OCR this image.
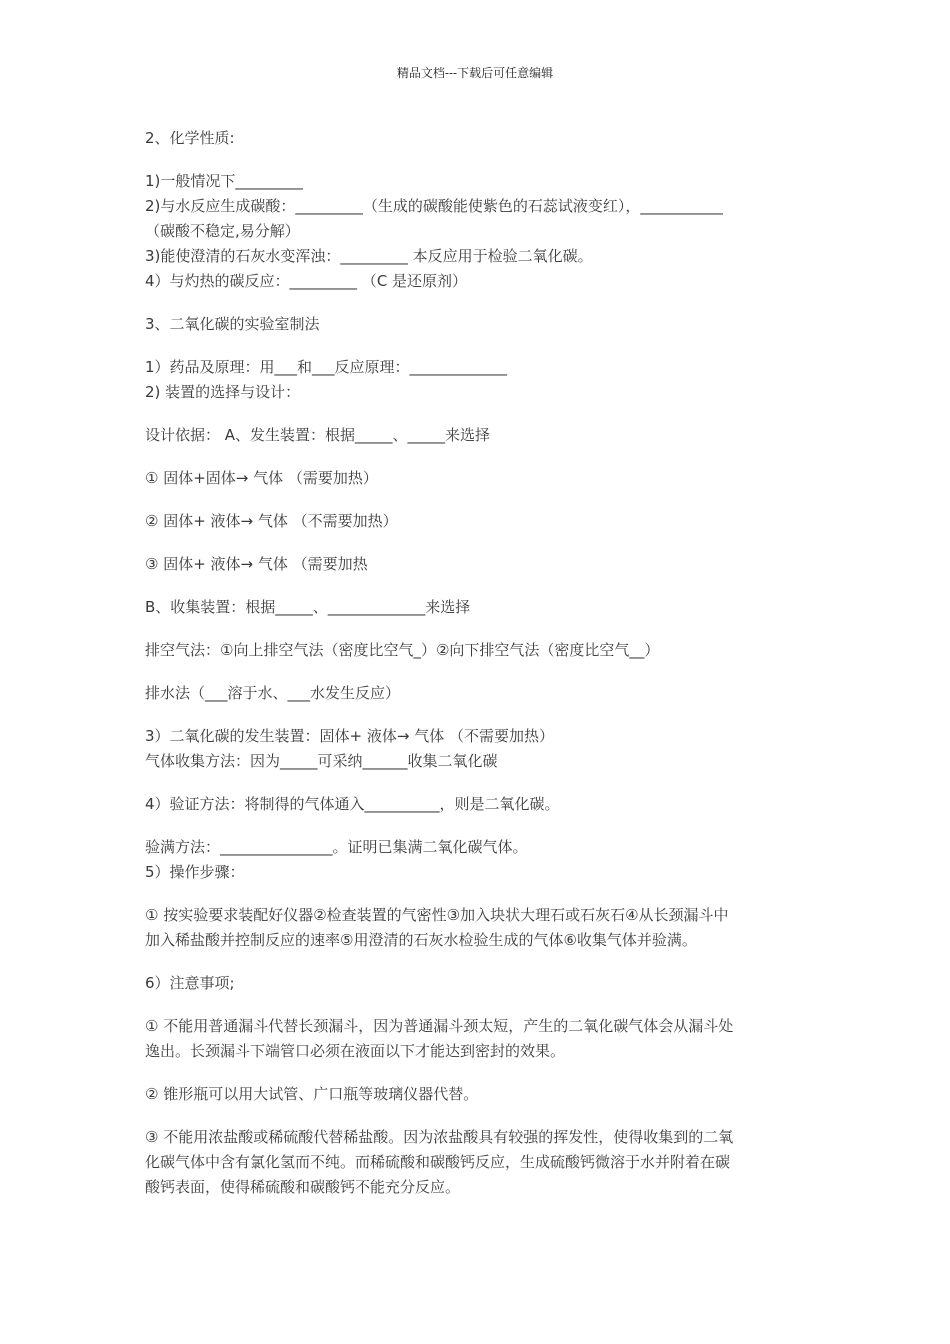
精品文档---下载后可任意编辑
2、化学性质:
1)一般情况下_________
2)与水反应生成碳酸：_________（生成的碳酸能使紫色的石蕊试液变红），___________
（碳酸不稳定,易分解）
3)能使澄清的石灰水变浑浊：_________ 本反应用于检验二氧化碳。
4）与灼热的碳反应：_________ （C 是还原剂）
3、二氧化碳的实验室制法
1）药品及原理：用___和___反应原理：_____________
2) 装置的选择与设计：
设计依据： A、发生装置：根据_____、_____来选择
① 固体+固体→ 气体 （需要加热）
② 固体+ 液体→ 气体 （不需要加热）
③ 固体+ 液体→ 气体 （需要加热
B、收集装置：根据_____、_____________来选择
排空气法：①向上排空气法（密度比空气_）②向下排空气法（密度比空气__）
排水法（___溶于水、___水发生反应）
3）二氧化碳的发生装置：固体+ 液体→ 气体 （不需要加热）
气体收集方法：因为_____可采纳______收集二氧化碳
4）验证方法：将制得的气体通入__________，则是二氧化碳。
验满方法：_______________。证明已集满二氧化碳气体。
5）操作步骤：
① 按实验要求装配好仪器②检查装置的气密性③加入块状大理石或石灰石④从长颈漏斗中
加入稀盐酸并控制反应的速率⑤用澄清的石灰水检验生成的气体⑥收集气体并验满。
6）注意事项;
① 不能用普通漏斗代替长颈漏斗，因为普通漏斗颈太短，产生的二氧化碳气体会从漏斗处
逸出。长颈漏斗下端管口必须在液面以下才能达到密封的效果。
② 锥形瓶可以用大试管、广口瓶等玻璃仪器代替。
③ 不能用浓盐酸或稀硫酸代替稀盐酸。因为浓盐酸具有较强的挥发性，使得收集到的二氧
化碳气体中含有氯化氢而不纯。而稀硫酸和碳酸钙反应，生成硫酸钙微溶于水并附着在碳
酸钙表面，使得稀硫酸和碳酸钙不能充分反应。
